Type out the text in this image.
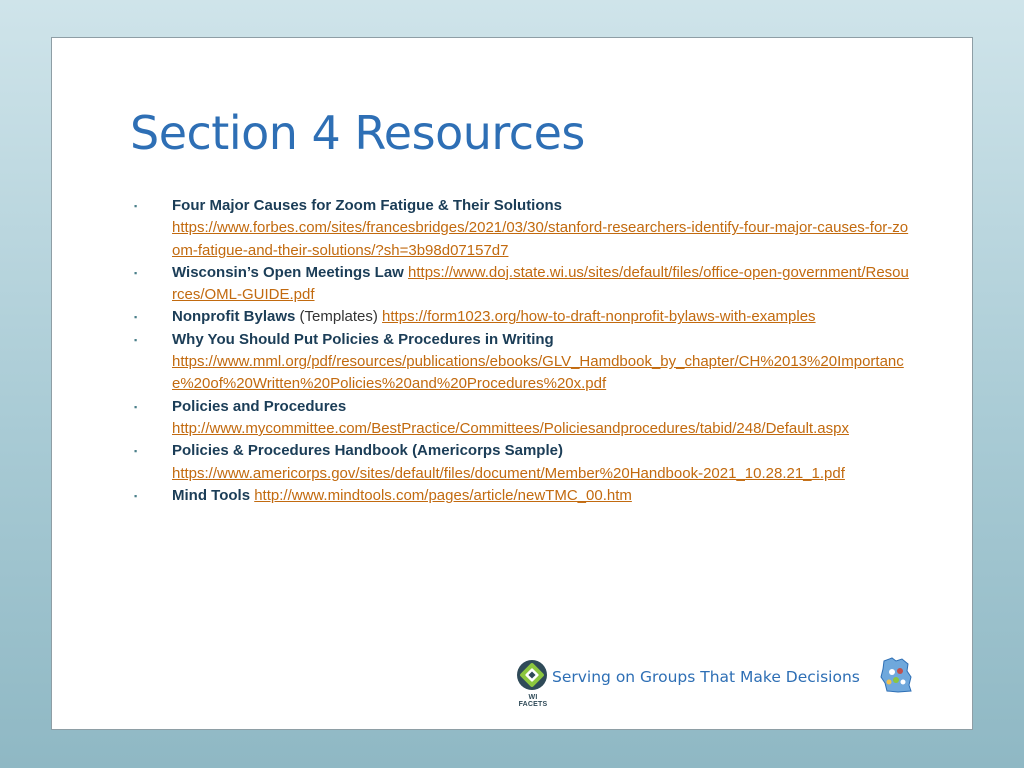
Section 4 Resources
▪ Four Major Causes for Zoom Fatigue & Their Solutions
https://www.forbes.com/sites/francesbridges/2021/03/30/stanford-researchers-identify-four-major-causes-for-zoom-fatigue-and-their-solutions/?sh=3b98d07157d7
▪ Wisconsin’s Open Meetings Law https://www.doj.state.wi.us/sites/default/files/office-open-government/Resources/OML-GUIDE.pdf
▪ Nonprofit Bylaws (Templates) https://form1023.org/how-to-draft-nonprofit-bylaws-with-examples
▪ Why You Should Put Policies & Procedures in Writing
https://www.mml.org/pdf/resources/publications/ebooks/GLV_Hamdbook_by_chapter/CH%2013%20Importance%20of%20Written%20Policies%20and%20Procedures%20x.pdf
▪ Policies and Procedures
http://www.mycommittee.com/BestPractice/Committees/Policiesandprocedures/tabid/248/Default.aspx
▪ Policies & Procedures Handbook (Americorps Sample)
https://www.americorps.gov/sites/default/files/document/Member%20Handbook-2021_10.28.21_1.pdf
▪ Mind Tools http://www.mindtools.com/pages/article/newTMC_00.htm
WI FACETS
Serving on Groups That Make Decisions
